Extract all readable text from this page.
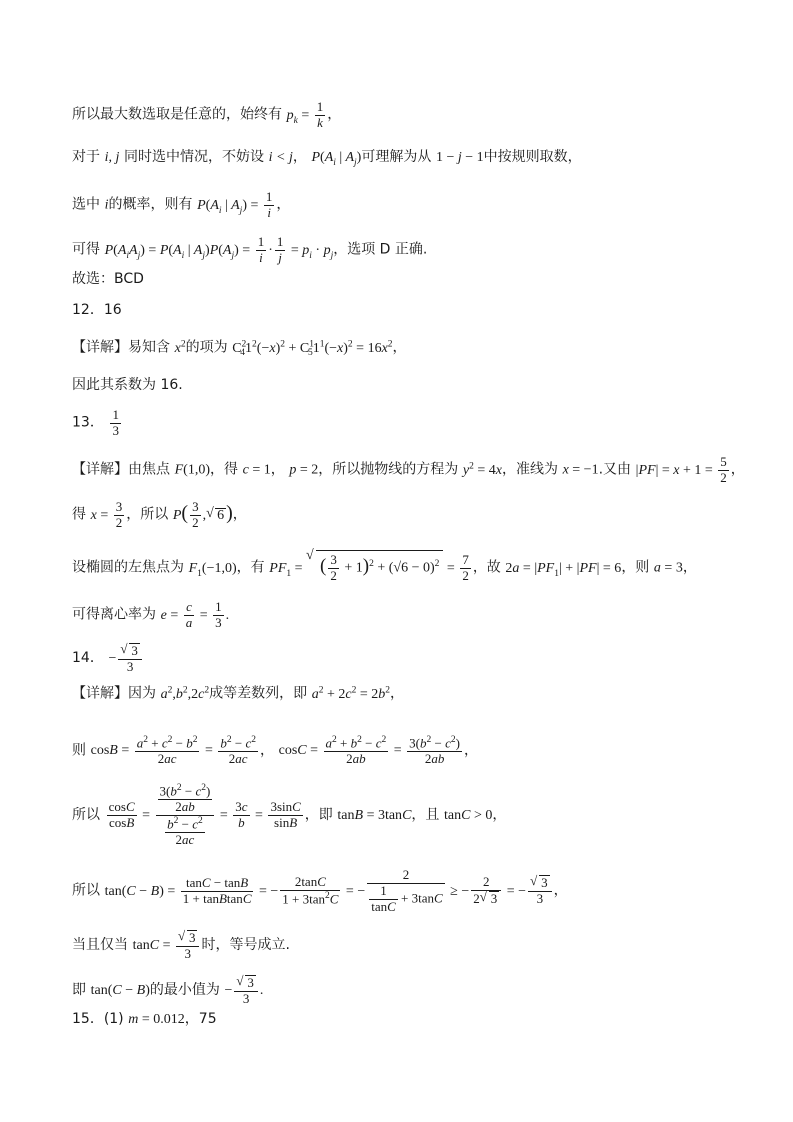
所以最大数选取是任意的，始终有 $p_k = \frac{1}{k}$ ，
对于 i, j 同时选中情况，不妨设 i < j， $P(A_i$ | $A_j$)可理解为从 1 − j − 1中按规则取数，
选中 i的概率，则有 $P(A_i$ | $A_j) = \frac{1}{i}$ ，
可得 $P(A_iA_j) = P(A_i$ | $A_j)P(A_j) = \frac{1}{i} \cdot \frac{1}{j} = p_i \cdot p_j$，选项 D 正确.
故选：BCD
12．16
【详解】易知含 $x^2$的项为 $C^2_41^2(-x)^2 + C^1_51^1(-x)^2 = 16x^2$，
因此其系数为 16.
13． $\frac{1}{3}$
【详解】由焦点 F(1,0)，得 c = 1， p = 2，所以抛物线的方程为 $y^2 = 4x$，准线为 x = −1.又由 $|PF| = x + 1 = \frac{5}{2}$ ，
得 $x = \frac{3}{2}$ ，所以 $P( \frac{3}{2}$ , √ 6 )，
设椭圆的左焦点为 $F_1(-1,0)$，有 $PF_1$ = √ ( $\frac{3}{2} + 1)^2 + (√6 - 0)^2 = \frac{7}{2}$ ，故 $2a = |PF_1| + |PF| = 6$，则 a = 3，
可得离心率为 $e = \frac{c}{a} = \frac{1}{3}$ .
14． − √ $\frac{3}{3}$
【详解】因为 $a^2,b^2,2c^2$成等差数列，即 $a^2 + 2c^2 = 2b^2$，
则 $\cos B = \frac{a^2 + c^2 - b^2}{2ac} = \frac{b^2 - c^2}{2ac}$ ， $\cos C = \frac{a^2 + b^2 - c^2}{2ab} = \frac{3(b^2 - c^2)}{2ab}$ ，
所以 $\frac{\cos C}{\cos B} = \frac{\frac{3(b^2 - c^2)}{2ab}}{\frac{b^2 - c^2}{2ac}} = \frac{3c}{b} = \frac{3\sin C}{\sin B}$ ，即 tanB = 3tanC，且 tanC > 0，
所以 $\tan(C - B) = \frac{\tan C - \tan B}{\text{1 + tanBtanC}}$ = − $\frac{2\tan C}{1 + 3\tan^2C}$ = − $\frac{2}{\frac{1}{\tan C} + 3\tan C}$ ≥ − $\frac{2}{2 √ 3}$ = − √ $\frac{3}{3}$ ，
当且仅当 tanC = √ $\frac{3}{3}$ 时，等号成立.
即 tan(C − B)的最小值为 − √ $\frac{3}{3}$ .
15．(1) m = 0.012，75
